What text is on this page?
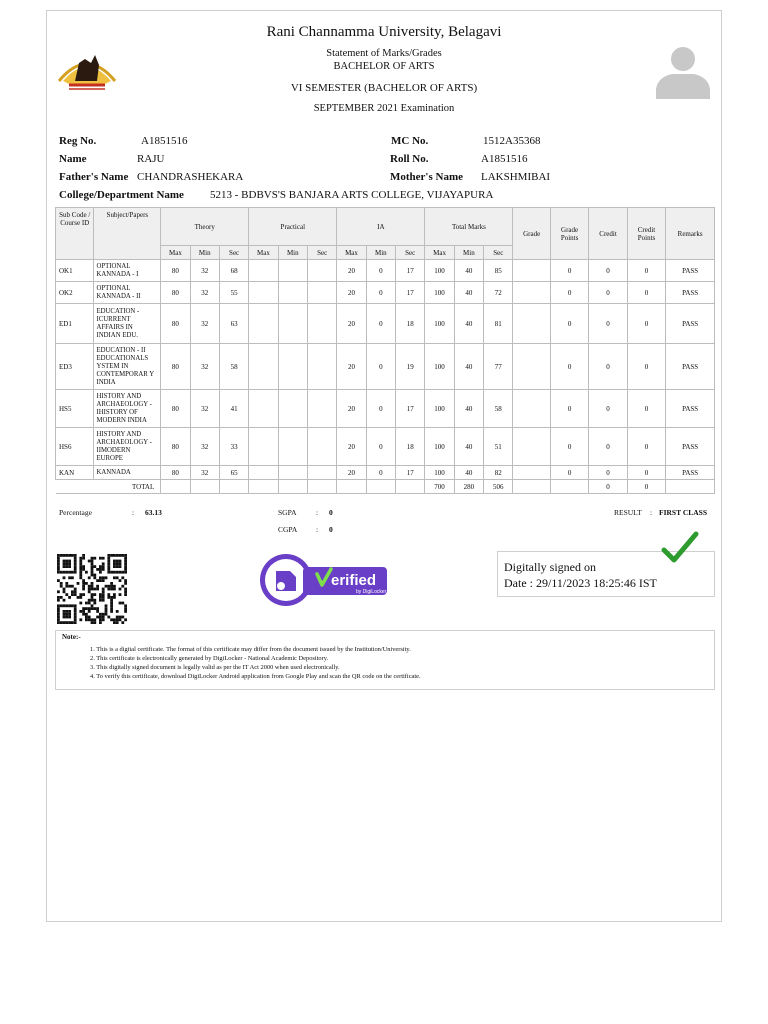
Rani Channamma University, Belagavi
Statement of Marks/Grades
BACHELOR OF ARTS
VI SEMESTER (BACHELOR OF ARTS)
SEPTEMBER 2021 Examination
Reg No.	A1851516	MC No.	1512A35368
Name	RAJU	Roll No.	A1851516
Father's Name CHANDRASHEKARA	Mother's Name LAKSHMIBAI
College/Department Name 5213 - BDBVS'S BANJARA ARTS COLLEGE, VIJAYAPURA
Sub Code / Course ID	Subject/Papers	Theory			Practical			IA			Total Marks			Grade	Grade Points	Credit	Credit Points	Remarks
		Max	Min	Sec	Max	Min	Sec	Max	Min	Sec	Max	Min	Sec					
OK1	OPTIONAL KANNADA - I	80	32	68				20	0	17	100	40	85		0	0	0	PASS
OK2	OPTIONAL KANNADA - II	80	32	55				20	0	17	100	40	72		0	0	0	PASS
ED1	EDUCATION - ICURRENT AFFAIRS IN INDIAN EDU.	80	32	63				20	0	18	100	40	81		0	0	0	PASS
ED3	EDUCATION - II EDUCATIONALS YSTEM IN CONTEMPORAR Y INDIA	80	32	58				20	0	19	100	40	77		0	0	0	PASS
HS5	HISTORY AND ARCHAEOLOGY - IHISTORY OF MODERN INDIA	80	32	41				20	0	17	100	40	58		0	0	0	PASS
HS6	HISTORY AND ARCHAEOLOGY - IIMODERN EUROPE	80	32	33				20	0	18	100	40	51		0	0	0	PASS
KAN	KANNADA	80	32	65				20	0	17	100	40	82		0	0	0	PASS
TOTAL											700	280	506			0	0	
Percentage	: 63.13	SGPA	: 0
CGPA : 0
RESULT : FIRST CLASS
erified
by DigiLocker
Digitally signed on
Date : 29/11/2023 18:25:46 IST
Note:-
1. This is a digital certificate. The format of this certificate may differ from the document issued by the Institution/University.
2. This certificate is electronically generated by DigiLocker - National Academic Depository.
3. This digitally signed document is legally valid as per the IT Act 2000 when used electronically.
4. To verify this certificate, download DigiLocker Android application from Google Play and scan the QR code on the certificate.
